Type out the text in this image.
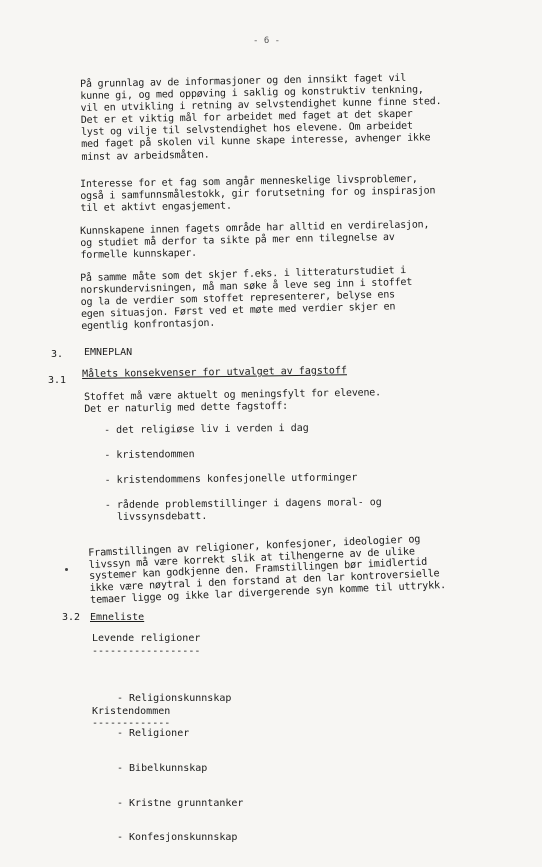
- 6 -
På grunnlag av de informasjoner og den innsikt faget vil
kunne gi, og med oppøving i saklig og konstruktiv tenkning,
vil en utvikling i retning av selvstendighet kunne finne sted.
Det er et viktig mål for arbeidet med faget at det skaper
lyst og vilje til selvstendighet hos elevene. Om arbeidet
med faget på skolen vil kunne skape interesse, avhenger ikke
minst av arbeidsmåten.
Interesse for et fag som angår menneskelige livsproblemer,
også i samfunnsmålestokk, gir forutsetning for og inspirasjon
til et aktivt engasjement.
Kunnskapene innen fagets område har alltid en verdirelasjon,
og studiet må derfor ta sikte på mer enn tilegnelse av
formelle kunnskaper.
På samme måte som det skjer f.eks. i litteraturstudiet i
norskundervisningen, må man søke å leve seg inn i stoffet
og la de verdier som stoffet representerer, belyse ens
egen situasjon. Først ved et møte med verdier skjer en
egentlig konfrontasjon.
3. EMNEPLAN
3.1
Målets konsekvenser for utvalget av fagstoff
Stoffet må være aktuelt og meningsfylt for elevene.
Det er naturlig med dette fagstoff:
- det religiøse liv i verden i dag
- kristendommen
- kristendommens konfesjonelle utforminger
- rådende problemstillinger i dagens moral- og
livssynsdebatt.
Framstillingen av religioner, konfesjoner, ideologier og
livssyn må være korrekt slik at tilhengerne av de ulike
systemer kan godkjenne den. Framstillingen bør imidlertid
ikke være nøytral i den forstand at den lar kontroversielle
temaer ligge og ikke lar divergerende syn komme til uttrykk.
3.2 Emneliste
Levende religioner
------------------

- Religionskunnskap

- Religioner

Kristendommen
-------------

- Bibelkunnskap

- Kristne grunntanker

- Konfesjonskunnskap
